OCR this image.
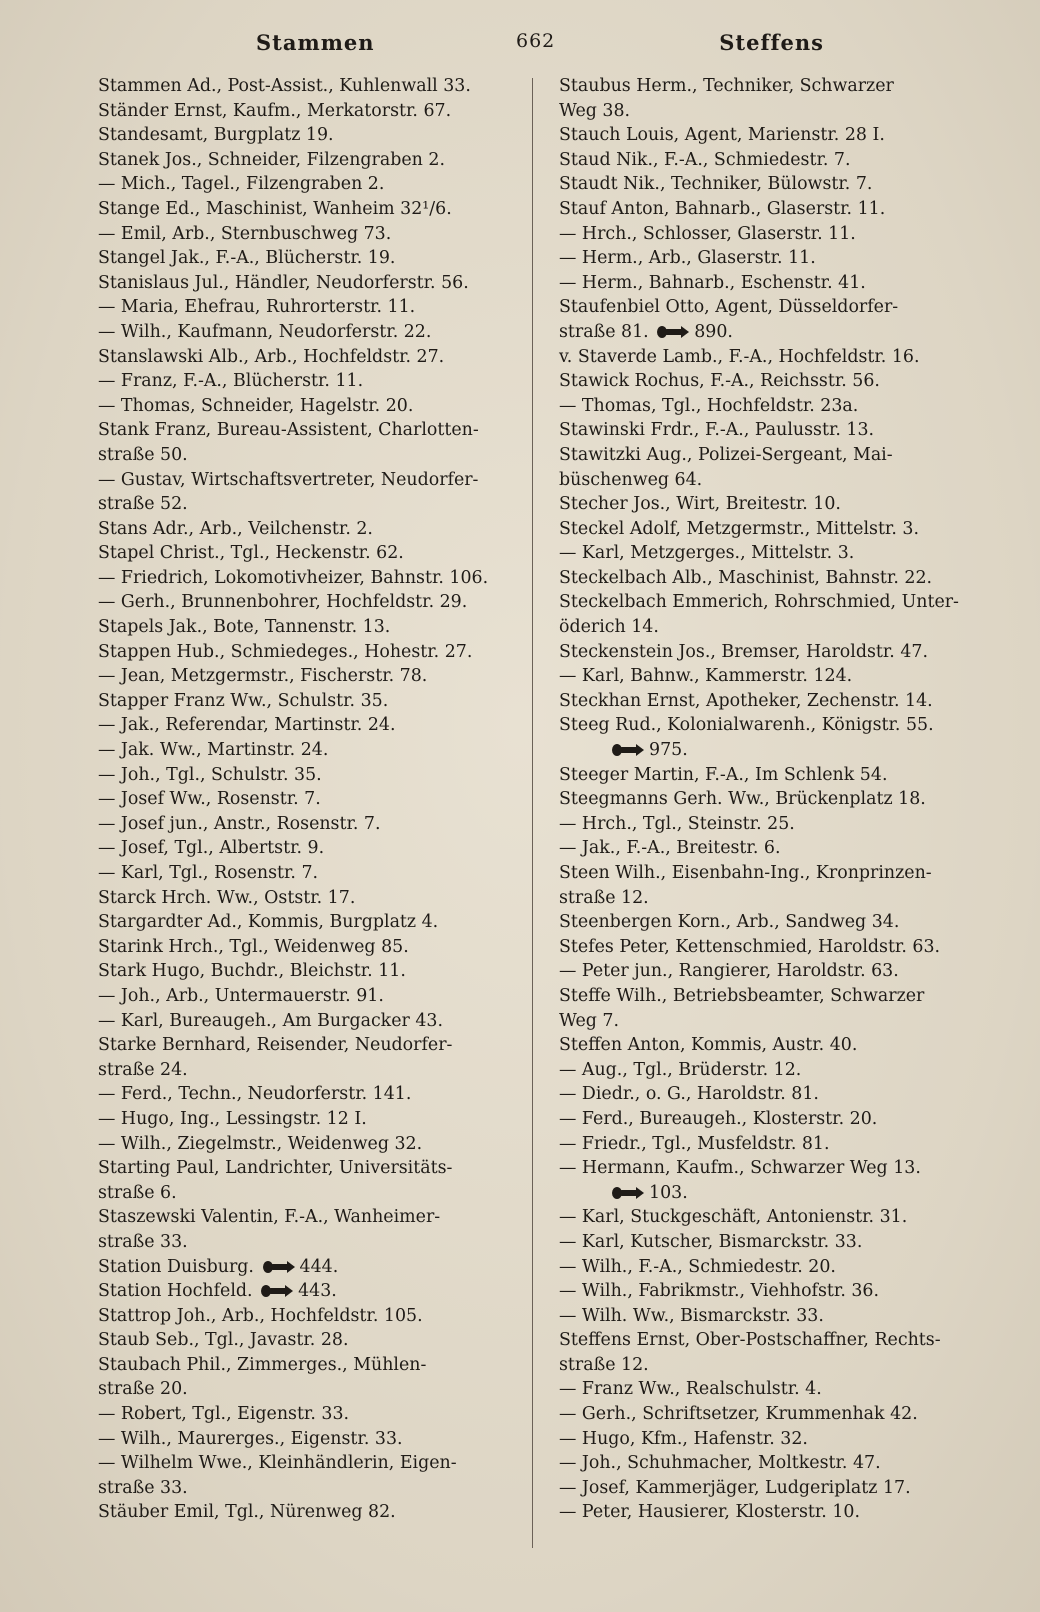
Stammen	662	Steffens
Stammen Ad., Post-Assist., Kuhlenwall 33.
Ständer Ernst, Kaufm., Merkatorstr. 67.
Standesamt, Burgplatz 19.
Stanek Jos., Schneider, Filzengraben 2.
— Mich., Tagel., Filzengraben 2.
Stange Ed., Maschinist, Wanheim 32¹/6.
— Emil, Arb., Sternbuschweg 73.
Stangel Jak., F.-A., Blücherstr. 19.
Stanislaus Jul., Händler, Neudorferstr. 56.
— Maria, Ehefrau, Ruhrorterstr. 11.
— Wilh., Kaufmann, Neudorferstr. 22.
Stanslawski Alb., Arb., Hochfeldstr. 27.
— Franz, F.-A., Blücherstr. 11.
— Thomas, Schneider, Hagelstr. 20.
Stank Franz, Bureau-Assistent, Charlotten-
straße 50.
— Gustav, Wirtschaftsvertreter, Neudorfer-
straße 52.
Stans Adr., Arb., Veilchenstr. 2.
Stapel Christ., Tgl., Heckenstr. 62.
— Friedrich, Lokomotivheizer, Bahnstr. 106.
— Gerh., Brunnenbohrer, Hochfeldstr. 29.
Stapels Jak., Bote, Tannenstr. 13.
Stappen Hub., Schmiedeges., Hohestr. 27.
— Jean, Metzgermstr., Fischerstr. 78.
Stapper Franz Ww., Schulstr. 35.
— Jak., Referendar, Martinstr. 24.
— Jak. Ww., Martinstr. 24.
— Joh., Tgl., Schulstr. 35.
— Josef Ww., Rosenstr. 7.
— Josef jun., Anstr., Rosenstr. 7.
— Josef, Tgl., Albertstr. 9.
— Karl, Tgl., Rosenstr. 7.
Starck Hrch. Ww., Oststr. 17.
Stargardter Ad., Kommis, Burgplatz 4.
Starink Hrch., Tgl., Weidenweg 85.
Stark Hugo, Buchdr., Bleichstr. 11.
— Joh., Arb., Untermauerstr. 91.
— Karl, Bureaugeh., Am Burgacker 43.
Starke Bernhard, Reisender, Neudorfer-
straße 24.
— Ferd., Techn., Neudorferstr. 141.
— Hugo, Ing., Lessingstr. 12 I.
— Wilh., Ziegelmstr., Weidenweg 32.
Starting Paul, Landrichter, Universitäts-
straße 6.
Staszewski Valentin, F.-A., Wanheimer-
straße 33.
Station Duisburg.	444.
Station Hochfeld.	443.
Stattrop Joh., Arb., Hochfeldstr. 105.
Staub Seb., Tgl., Javastr. 28.
Staubach Phil., Zimmerges., Mühlen-
straße 20.
— Robert, Tgl., Eigenstr. 33.
— Wilh., Maurerges., Eigenstr. 33.
— Wilhelm Wwe., Kleinhändlerin, Eigen-
straße 33.
Stäuber Emil, Tgl., Nürenweg 82.
Staubus Herm., Techniker, Schwarzer
Weg 38.
Stauch Louis, Agent, Marienstr. 28 I.
Staud Nik., F.-A., Schmiedestr. 7.
Staudt Nik., Techniker, Bülowstr. 7.
Stauf Anton, Bahnarb., Glaserstr. 11.
— Hrch., Schlosser, Glaserstr. 11.
— Herm., Arb., Glaserstr. 11.
— Herm., Bahnarb., Eschenstr. 41.
Staufenbiel Otto, Agent, Düsseldorfer-
straße 81.	890.
v. Staverde Lamb., F.-A., Hochfeldstr. 16.
Stawick Rochus, F.-A., Reichsstr. 56.
— Thomas, Tgl., Hochfeldstr. 23a.
Stawinski Frdr., F.-A., Paulusstr. 13.
Stawitzki Aug., Polizei-Sergeant, Mai-
büschenweg 64.
Stecher Jos., Wirt, Breitestr. 10.
Steckel Adolf, Metzgermstr., Mittelstr. 3.
— Karl, Metzgerges., Mittelstr. 3.
Steckelbach Alb., Maschinist, Bahnstr. 22.
Steckelbach Emmerich, Rohrschmied, Unter-
öderich 14.
Steckenstein Jos., Bremser, Haroldstr. 47.
— Karl, Bahnw., Kammerstr. 124.
Steckhan Ernst, Apotheker, Zechenstr. 14.
Steeg Rud., Kolonialwarenh., Königstr. 55.
975.
Steeger Martin, F.-A., Im Schlenk 54.
Steegmanns Gerh. Ww., Brückenplatz 18.
— Hrch., Tgl., Steinstr. 25.
— Jak., F.-A., Breitestr. 6.
Steen Wilh., Eisenbahn-Ing., Kronprinzen-
straße 12.
Steenbergen Korn., Arb., Sandweg 34.
Stefes Peter, Kettenschmied, Haroldstr. 63.
— Peter jun., Rangierer, Haroldstr. 63.
Steffe Wilh., Betriebsbeamter, Schwarzer
Weg 7.
Steffen Anton, Kommis, Austr. 40.
— Aug., Tgl., Brüderstr. 12.
— Diedr., o. G., Haroldstr. 81.
— Ferd., Bureaugeh., Klosterstr. 20.
— Friedr., Tgl., Musfeldstr. 81.
— Hermann, Kaufm., Schwarzer Weg 13.
103.
— Karl, Stuckgeschäft, Antonienstr. 31.
— Karl, Kutscher, Bismarckstr. 33.
— Wilh., F.-A., Schmiedestr. 20.
— Wilh., Fabrikmstr., Viehhofstr. 36.
— Wilh. Ww., Bismarckstr. 33.
Steffens Ernst, Ober-Postschaffner, Rechts-
straße 12.
— Franz Ww., Realschulstr. 4.
— Gerh., Schriftsetzer, Krummenhak 42.
— Hugo, Kfm., Hafenstr. 32.
— Joh., Schuhmacher, Moltkestr. 47.
— Josef, Kammerjäger, Ludgeriplatz 17.
— Peter, Hausierer, Klosterstr. 10.
